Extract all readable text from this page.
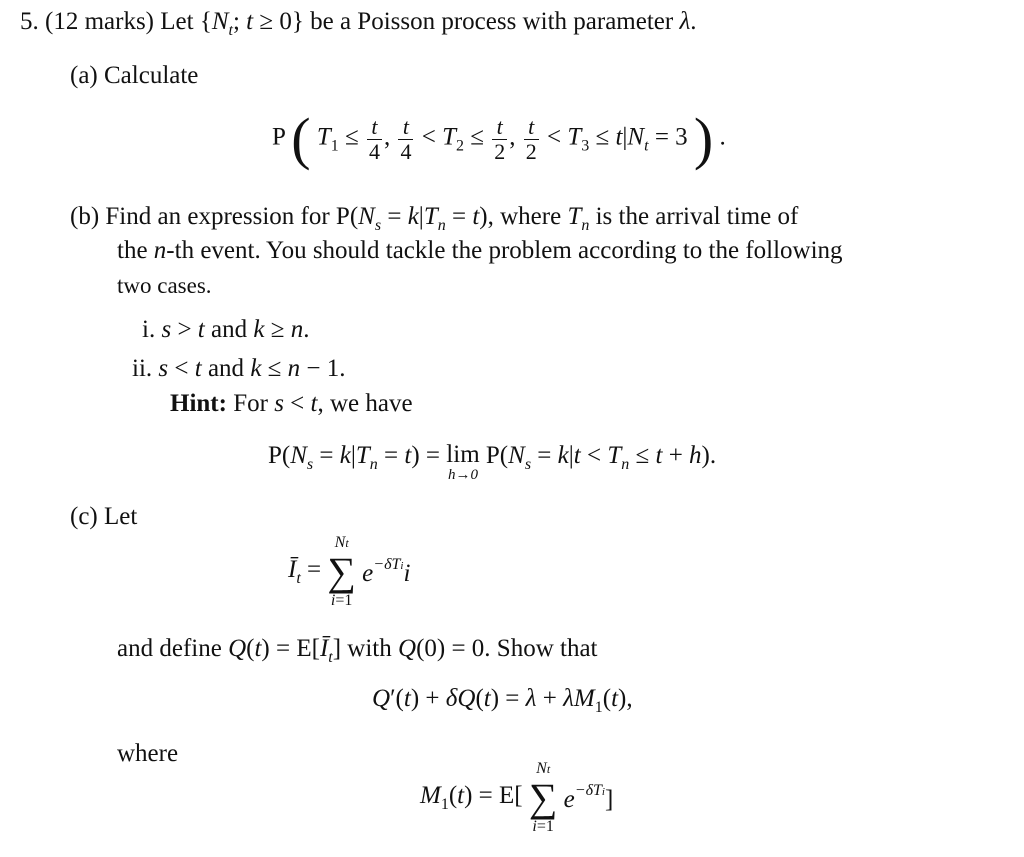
5. (12 marks) Let {$N_t$; t ≥ 0} be a Poisson process with parameter λ.
(a) Calculate
P ( $T_1 \le \frac{t}{4}$ , $\frac{t}{4} < T_2 \le \frac{t}{2}$ , $\frac{t}{2} < T_3 \le t|N_t = 3$ ) .
(b) Find an expression for $P(N_s = k|T_n = t)$, where $T_n$ is the arrival time of
the n-th event. You should tackle the problem according to the following
two cases.
i. s > t and k ≥ n.
ii. s < t and k ≤ n − 1.
Hint: For s < t, we have
$P(N_s = k|T_n = t) = \lim$
h→0
$P(N_s = k|t < T_n \le t + h)$.
(c) Let
$Ī_t$ =
Nt
∑
i=1
$e^{-\delta Ti}i$
and define $Q(t) = E[Ī_t]$ with Q(0) = 0. Show that
$Q'(t) + \delta Q(t) = \lambda + \lambda M_1(t)$,
where
$M_1(t) = E$[
Nt
∑
i=1
$e^{-\delta Ti}$]
